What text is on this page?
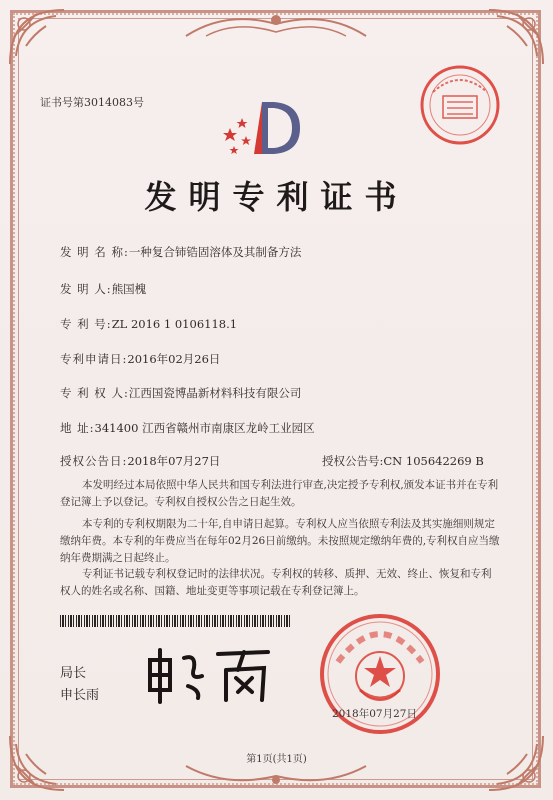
证书号第3014083号
发明专利证书
发 明 名 称:一种复合铈锆固溶体及其制备方法
发 明 人:熊国槐
专 利 号:ZL 2016 1 0106118.1
专利申请日:2016年02月26日
专 利 权 人:江西国瓷博晶新材料科技有限公司
地 址:341400 江西省赣州市南康区龙岭工业园区
授权公告日:2018年07月27日	授权公告号:CN 105642269 B
本发明经过本局依照中华人民共和国专利法进行审查,决定授予专利权,颁发本证书并在专利登记簿上予以登记。专利权自授权公告之日起生效。
本专利的专利权期限为二十年,自申请日起算。专利权人应当依照专利法及其实施细则规定缴纳年费。本专利的年费应当在每年02月26日前缴纳。未按照规定缴纳年费的,专利权自应当缴纳年费期满之日起终止。
专利证书记载专利权登记时的法律状况。专利权的转移、质押、无效、终止、恢复和专利权人的姓名或名称、国籍、地址变更等事项记载在专利登记簿上。
局长
申长雨
2018年07月27日
第1页(共1页)
